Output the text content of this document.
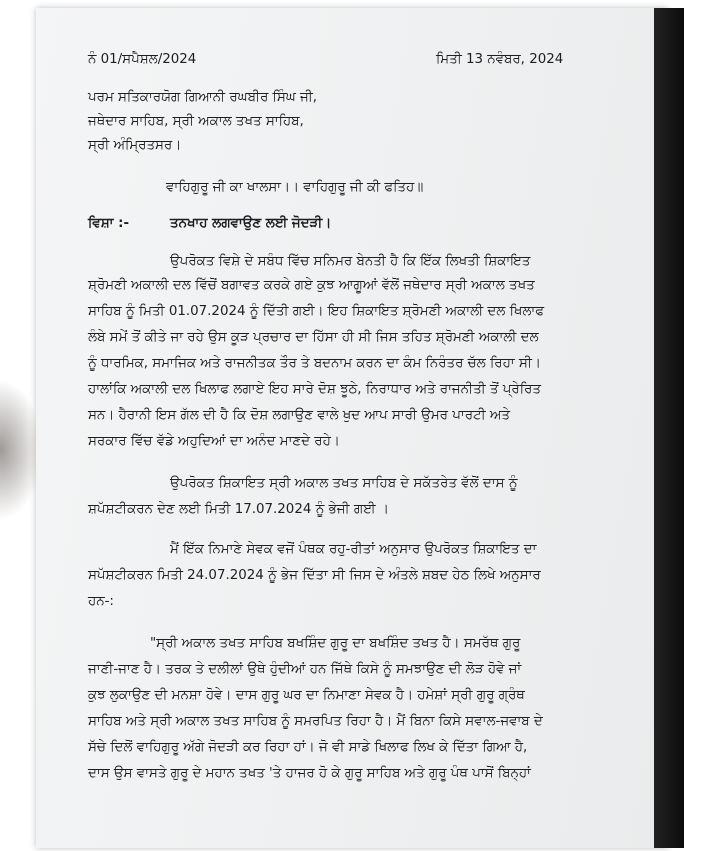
ਨੰ 01/ਸਪੈਸ਼ਲ/2024	ਮਿਤੀ 13 ਨਵੰਬਰ, 2024
ਪਰਮ ਸਤਿਕਾਰਯੋਗ ਗਿਆਨੀ ਰਘਬੀਰ ਸਿੰਘ ਜੀ,
ਜਥੇਦਾਰ ਸਾਹਿਬ, ਸ੍ਰੀ ਅਕਾਲ ਤਖਤ ਸਾਹਿਬ,
ਸ੍ਰੀ ਅੰਮ੍ਰਿਤਸਰ।
ਵਾਹਿਗੁਰੂ ਜੀ ਕਾ ਖਾਲਸਾ।। ਵਾਹਿਗੁਰੂ ਜੀ ਕੀ ਫਤਿਹ॥
ਵਿਸ਼ਾ :-	ਤਨਖਾਹ ਲਗਵਾਉਣ ਲਈ ਜੋਦੜੀ।
ਉਪਰੋਕਤ ਵਿਸ਼ੇ ਦੇ ਸਬੰਧ ਵਿੱਚ ਸਨਿਮਰ ਬੇਨਤੀ ਹੈ ਕਿ ਇੱਕ ਲਿਖਤੀ ਸ਼ਿਕਾਇਤ
ਸ਼੍ਰੋਮਣੀ ਅਕਾਲੀ ਦਲ ਵਿੱਚੋਂ ਬਗਾਵਤ ਕਰਕੇ ਗਏ ਕੁਝ ਆਗੂਆਂ ਵੱਲੋਂ ਜਥੇਦਾਰ ਸ੍ਰੀ ਅਕਾਲ ਤਖਤ
ਸਾਹਿਬ ਨੂੰ ਮਿਤੀ 01.07.2024 ਨੂੰ ਦਿੱਤੀ ਗਈ। ਇਹ ਸ਼ਿਕਾਇਤ ਸ਼੍ਰੋਮਣੀ ਅਕਾਲੀ ਦਲ ਖਿਲਾਫ
ਲੰਬੇ ਸਮੇਂ ਤੋਂ ਕੀਤੇ ਜਾ ਰਹੇ ਉਸ ਕੂੜ ਪ੍ਰਚਾਰ ਦਾ ਹਿੱਸਾ ਹੀ ਸੀ ਜਿਸ ਤਹਿਤ ਸ਼੍ਰੋਮਣੀ ਅਕਾਲੀ ਦਲ
ਨੂੰ ਧਾਰਮਿਕ, ਸਮਾਜਿਕ ਅਤੇ ਰਾਜਨੀਤਕ ਤੌਰ ਤੇ ਬਦਨਾਮ ਕਰਨ ਦਾ ਕੰਮ ਨਿਰੰਤਰ ਚੱਲ ਰਿਹਾ ਸੀ।
ਹਾਲਾਂਕਿ ਅਕਾਲੀ ਦਲ ਖਿਲਾਫ ਲਗਾਏ ਇਹ ਸਾਰੇ ਦੋਸ਼ ਝੂਠੇ, ਨਿਰਾਧਾਰ ਅਤੇ ਰਾਜਨੀਤੀ ਤੋਂ ਪ੍ਰੇਰਿਤ
ਸਨ। ਹੈਰਾਨੀ ਇਸ ਗੱਲ ਦੀ ਹੈ ਕਿ ਦੋਸ਼ ਲਗਾਉਣ ਵਾਲੇ ਖੁਦ ਆਪ ਸਾਰੀ ਉਮਰ ਪਾਰਟੀ ਅਤੇ
ਸਰਕਾਰ ਵਿੱਚ ਵੱਡੇ ਅਹੁਦਿਆਂ ਦਾ ਅਨੰਦ ਮਾਣਦੇ ਰਹੇ।
ਉਪਰੋਕਤ ਸ਼ਿਕਾਇਤ ਸ੍ਰੀ ਅਕਾਲ ਤਖਤ ਸਾਹਿਬ ਦੇ ਸਕੱਤਰੇਤ ਵੱਲੋਂ ਦਾਸ ਨੂੰ
ਸ਼ਪੱਸ਼ਟੀਕਰਨ ਦੇਣ ਲਈ ਮਿਤੀ 17.07.2024 ਨੂੰ ਭੇਜੀ ਗਈ ।
ਮੈਂ ਇੱਕ ਨਿਮਾਣੇ ਸੇਵਕ ਵਜੋਂ ਪੰਥਕ ਰਹੁ-ਰੀਤਾਂ ਅਨੁਸਾਰ ਉਪਰੋਕਤ ਸ਼ਿਕਾਇਤ ਦਾ
ਸਪੱਸ਼ਟੀਕਰਨ ਮਿਤੀ 24.07.2024 ਨੂੰ ਭੇਜ ਦਿੱਤਾ ਸੀ ਜਿਸ ਦੇ ਅੰਤਲੇ ਸ਼ਬਦ ਹੇਠ ਲਿਖੇ ਅਨੁਸਾਰ
ਹਨ-:
"ਸ੍ਰੀ ਅਕਾਲ ਤਖਤ ਸਾਹਿਬ ਬਖਸ਼ਿੰਦ ਗੁਰੂ ਦਾ ਬਖਸ਼ਿੰਦ ਤਖਤ ਹੈ। ਸਮਰੱਥ ਗੁਰੂ
ਜਾਣੀ-ਜਾਣ ਹੈ। ਤਰਕ ਤੇ ਦਲੀਲਾਂ ਉਥੇ ਹੁੰਦੀਆਂ ਹਨ ਜਿੱਥੇ ਕਿਸੇ ਨੂੰ ਸਮਝਾਉਣ ਦੀ ਲੋੜ ਹੋਵੇ ਜਾਂ
ਕੁਝ ਲੁਕਾਉਣ ਦੀ ਮਨਸ਼ਾ ਹੋਵੇ। ਦਾਸ ਗੁਰੂ ਘਰ ਦਾ ਨਿਮਾਣਾ ਸੇਵਕ ਹੈ। ਹਮੇਸ਼ਾਂ ਸ੍ਰੀ ਗੁਰੂ ਗ੍ਰੰਥ
ਸਾਹਿਬ ਅਤੇ ਸ੍ਰੀ ਅਕਾਲ ਤਖਤ ਸਾਹਿਬ ਨੂੰ ਸਮਰਪਿਤ ਰਿਹਾ ਹੈ। ਮੈਂ ਬਿਨਾ ਕਿਸੇ ਸਵਾਲ-ਜਵਾਬ ਦੇ
ਸੱਚੇ ਦਿਲੋਂ ਵਾਹਿਗੁਰੂ ਅੱਗੇ ਜੋਦੜੀ ਕਰ ਰਿਹਾ ਹਾਂ। ਜੋ ਵੀ ਸਾਡੇ ਖਿਲਾਫ ਲਿਖ ਕੇ ਦਿੱਤਾ ਗਿਆ ਹੈ,
ਦਾਸ ਉਸ ਵਾਸਤੇ ਗੁਰੂ ਦੇ ਮਹਾਨ ਤਖਤ 'ਤੇ ਹਾਜਰ ਹੋ ਕੇ ਗੁਰੂ ਸਾਹਿਬ ਅਤੇ ਗੁਰੂ ਪੰਥ ਪਾਸੋਂ ਬਿਨ੍ਹਾਂ
